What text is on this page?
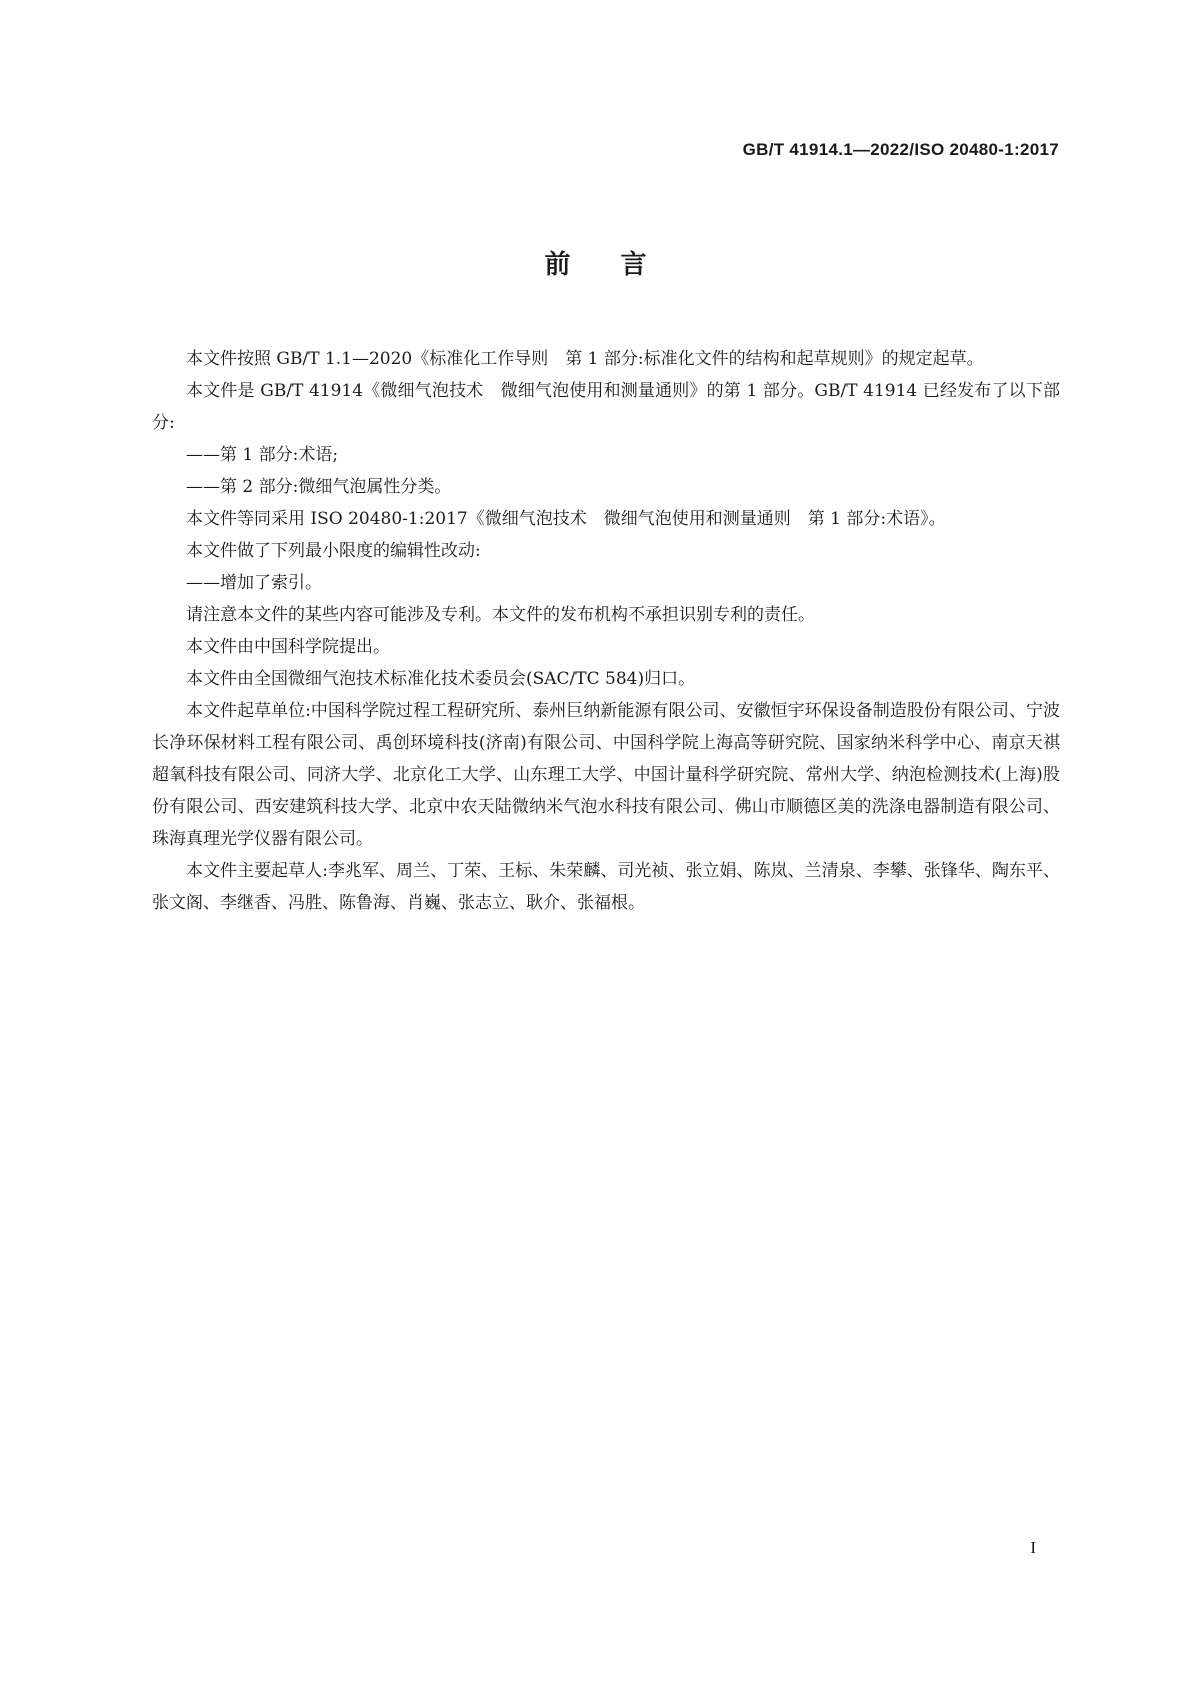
GB/T 41914.1—2022/ISO 20480-1:2017
前言

本文件按照 GB/T 1.1—2020《标准化工作导则　第 1 部分:标准化文件的结构和起草规则》的规定起草。

本文件是 GB/T 41914《微细气泡技术　微细气泡使用和测量通则》的第 1 部分。GB/T 41914 已经发布了以下部分:

——第 1 部分:术语;

——第 2 部分:微细气泡属性分类。

本文件等同采用 ISO 20480-1:2017《微细气泡技术　微细气泡使用和测量通则　第 1 部分:术语》。

本文件做了下列最小限度的编辑性改动:

——增加了索引。

请注意本文件的某些内容可能涉及专利。本文件的发布机构不承担识别专利的责任。

本文件由中国科学院提出。

本文件由全国微细气泡技术标准化技术委员会(SAC/TC 584)归口。

本文件起草单位:中国科学院过程工程研究所、泰州巨纳新能源有限公司、安徽恒宇环保设备制造股份有限公司、宁波长净环保材料工程有限公司、禹创环境科技(济南)有限公司、中国科学院上海高等研究院、国家纳米科学中心、南京天祺超氧科技有限公司、同济大学、北京化工大学、山东理工大学、中国计量科学研究院、常州大学、纳泡检测技术(上海)股份有限公司、西安建筑科技大学、北京中农天陆微纳米气泡水科技有限公司、佛山市顺德区美的洗涤电器制造有限公司、珠海真理光学仪器有限公司。

本文件主要起草人:李兆军、周兰、丁荣、王标、朱荣麟、司光祯、张立娟、陈岚、兰清泉、李攀、张锋华、陶东平、张文阁、李继香、冯胜、陈鲁海、肖巍、张志立、耿介、张福根。

I
